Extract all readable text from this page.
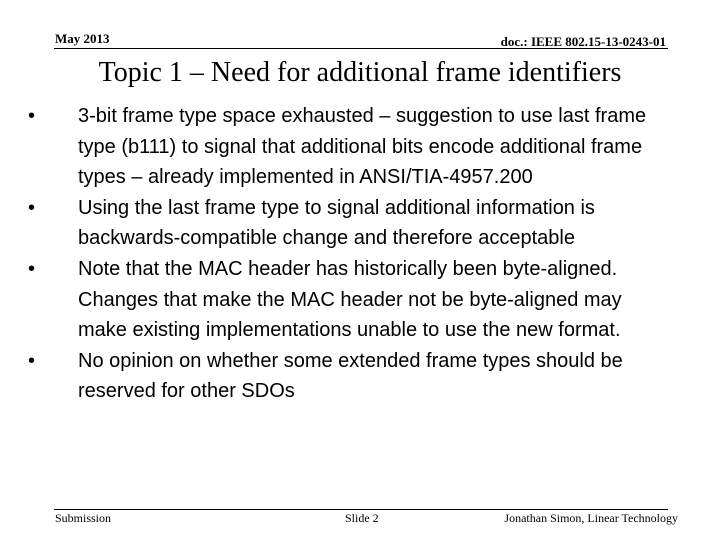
May 2013	doc.: IEEE 802.15-13-0243-01
Topic 1 – Need for additional frame identifiers
•	3-bit frame type space exhausted – suggestion to use last frame type (b111) to signal that additional bits encode additional frame types – already implemented in ANSI/TIA-4957.200
•	Using the last frame type to signal additional information is backwards-compatible change and therefore acceptable
•	Note that the MAC header has historically been byte-aligned. Changes that make the MAC header not be byte-aligned may make existing implementations unable to use the new format.
•	No opinion on whether some extended frame types should be reserved for other SDOs
Submission	Slide 2	Jonathan Simon, Linear Technology
